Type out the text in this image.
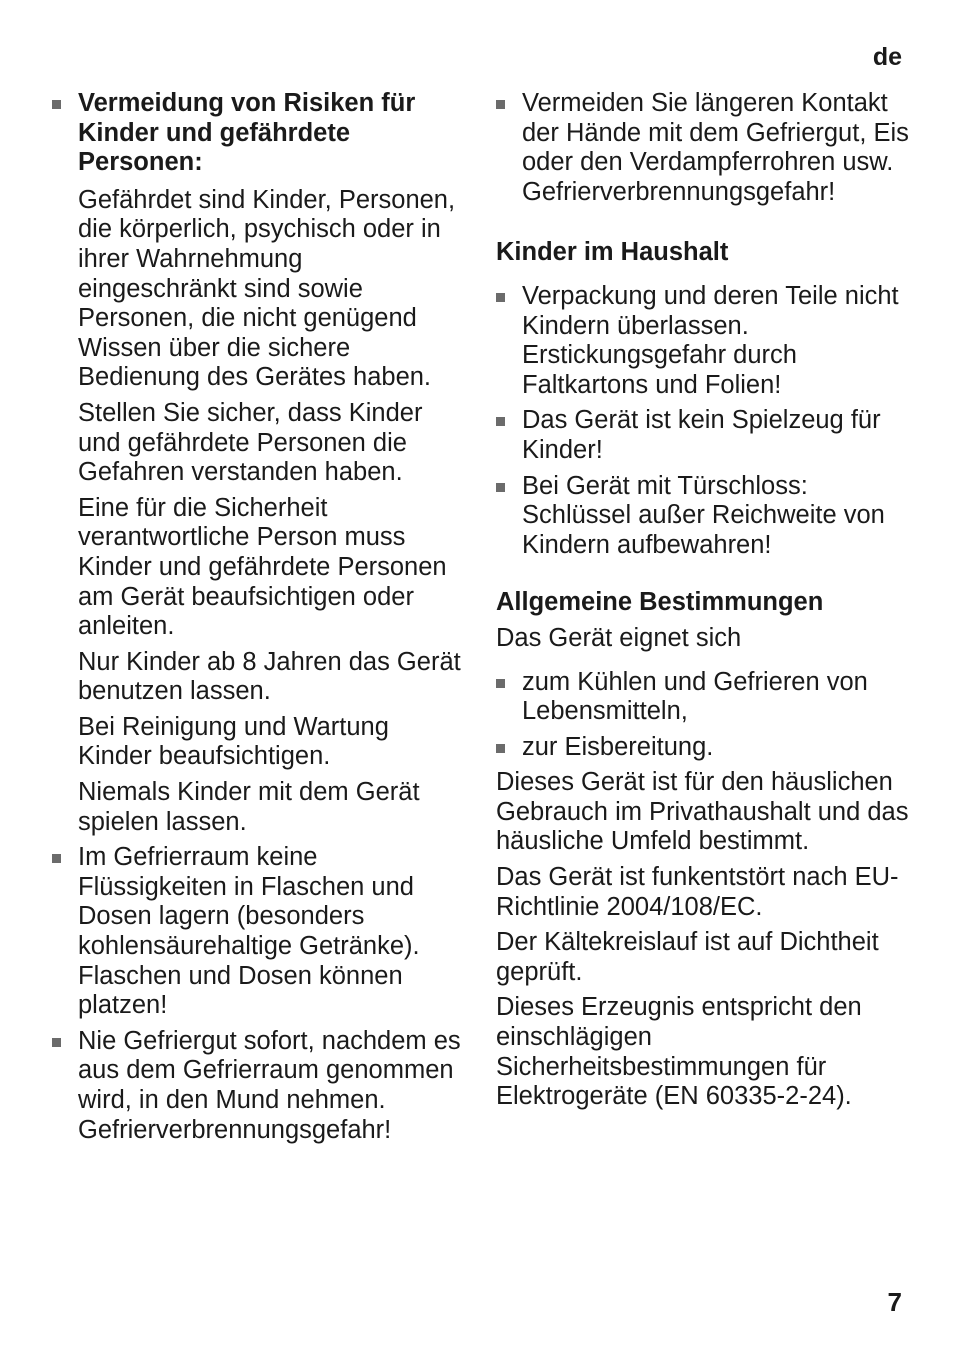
de
Vermeidung von Risiken für Kinder und gefährdete Personen:

Gefährdet sind Kinder, Personen, die körperlich, psychisch oder in ihrer Wahrnehmung eingeschränkt sind sowie Personen, die nicht genügend Wissen über die sichere Bedienung des Gerätes haben.

Stellen Sie sicher, dass Kinder und gefährdete Personen die Gefahren verstanden haben.

Eine für die Sicherheit verantwortliche Person muss Kinder und gefährdete Personen am Gerät beaufsichtigen oder anleiten.

Nur Kinder ab 8 Jahren das Gerät benutzen lassen.

Bei Reinigung und Wartung Kinder beaufsichtigen.

Niemals Kinder mit dem Gerät spielen lassen.

Im Gefrierraum keine Flüssigkeiten in Flaschen und Dosen lagern (besonders kohlensäurehaltige Getränke). Flaschen und Dosen können platzen!
Nie Gefriergut sofort, nachdem es aus dem Gefrierraum genommen wird, in den Mund nehmen. Gefrierverbrennungsgefahr!
Vermeiden Sie längeren Kontakt der Hände mit dem Gefriergut, Eis oder den Verdampferrohren usw. Gefrierverbrennungsgefahr!

Kinder im Haushalt

Verpackung und deren Teile nicht Kindern überlassen. Erstickungsgefahr durch Faltkartons und Folien!
Das Gerät ist kein Spielzeug für Kinder!
Bei Gerät mit Türschloss: Schlüssel außer Reichweite von Kindern aufbewahren!

Allgemeine Bestimmungen

Das Gerät eignet sich

zum Kühlen und Gefrieren von Lebensmitteln,
zur Eisbereitung.

Dieses Gerät ist für den häuslichen Gebrauch im Privathaushalt und das häusliche Umfeld bestimmt.

Das Gerät ist funkentstört nach EU-Richtlinie 2004/108/EC.

Der Kältekreislauf ist auf Dichtheit geprüft.

Dieses Erzeugnis entspricht den einschlägigen Sicherheitsbestimmungen für Elektrogeräte (EN 60335-2-24).

7
